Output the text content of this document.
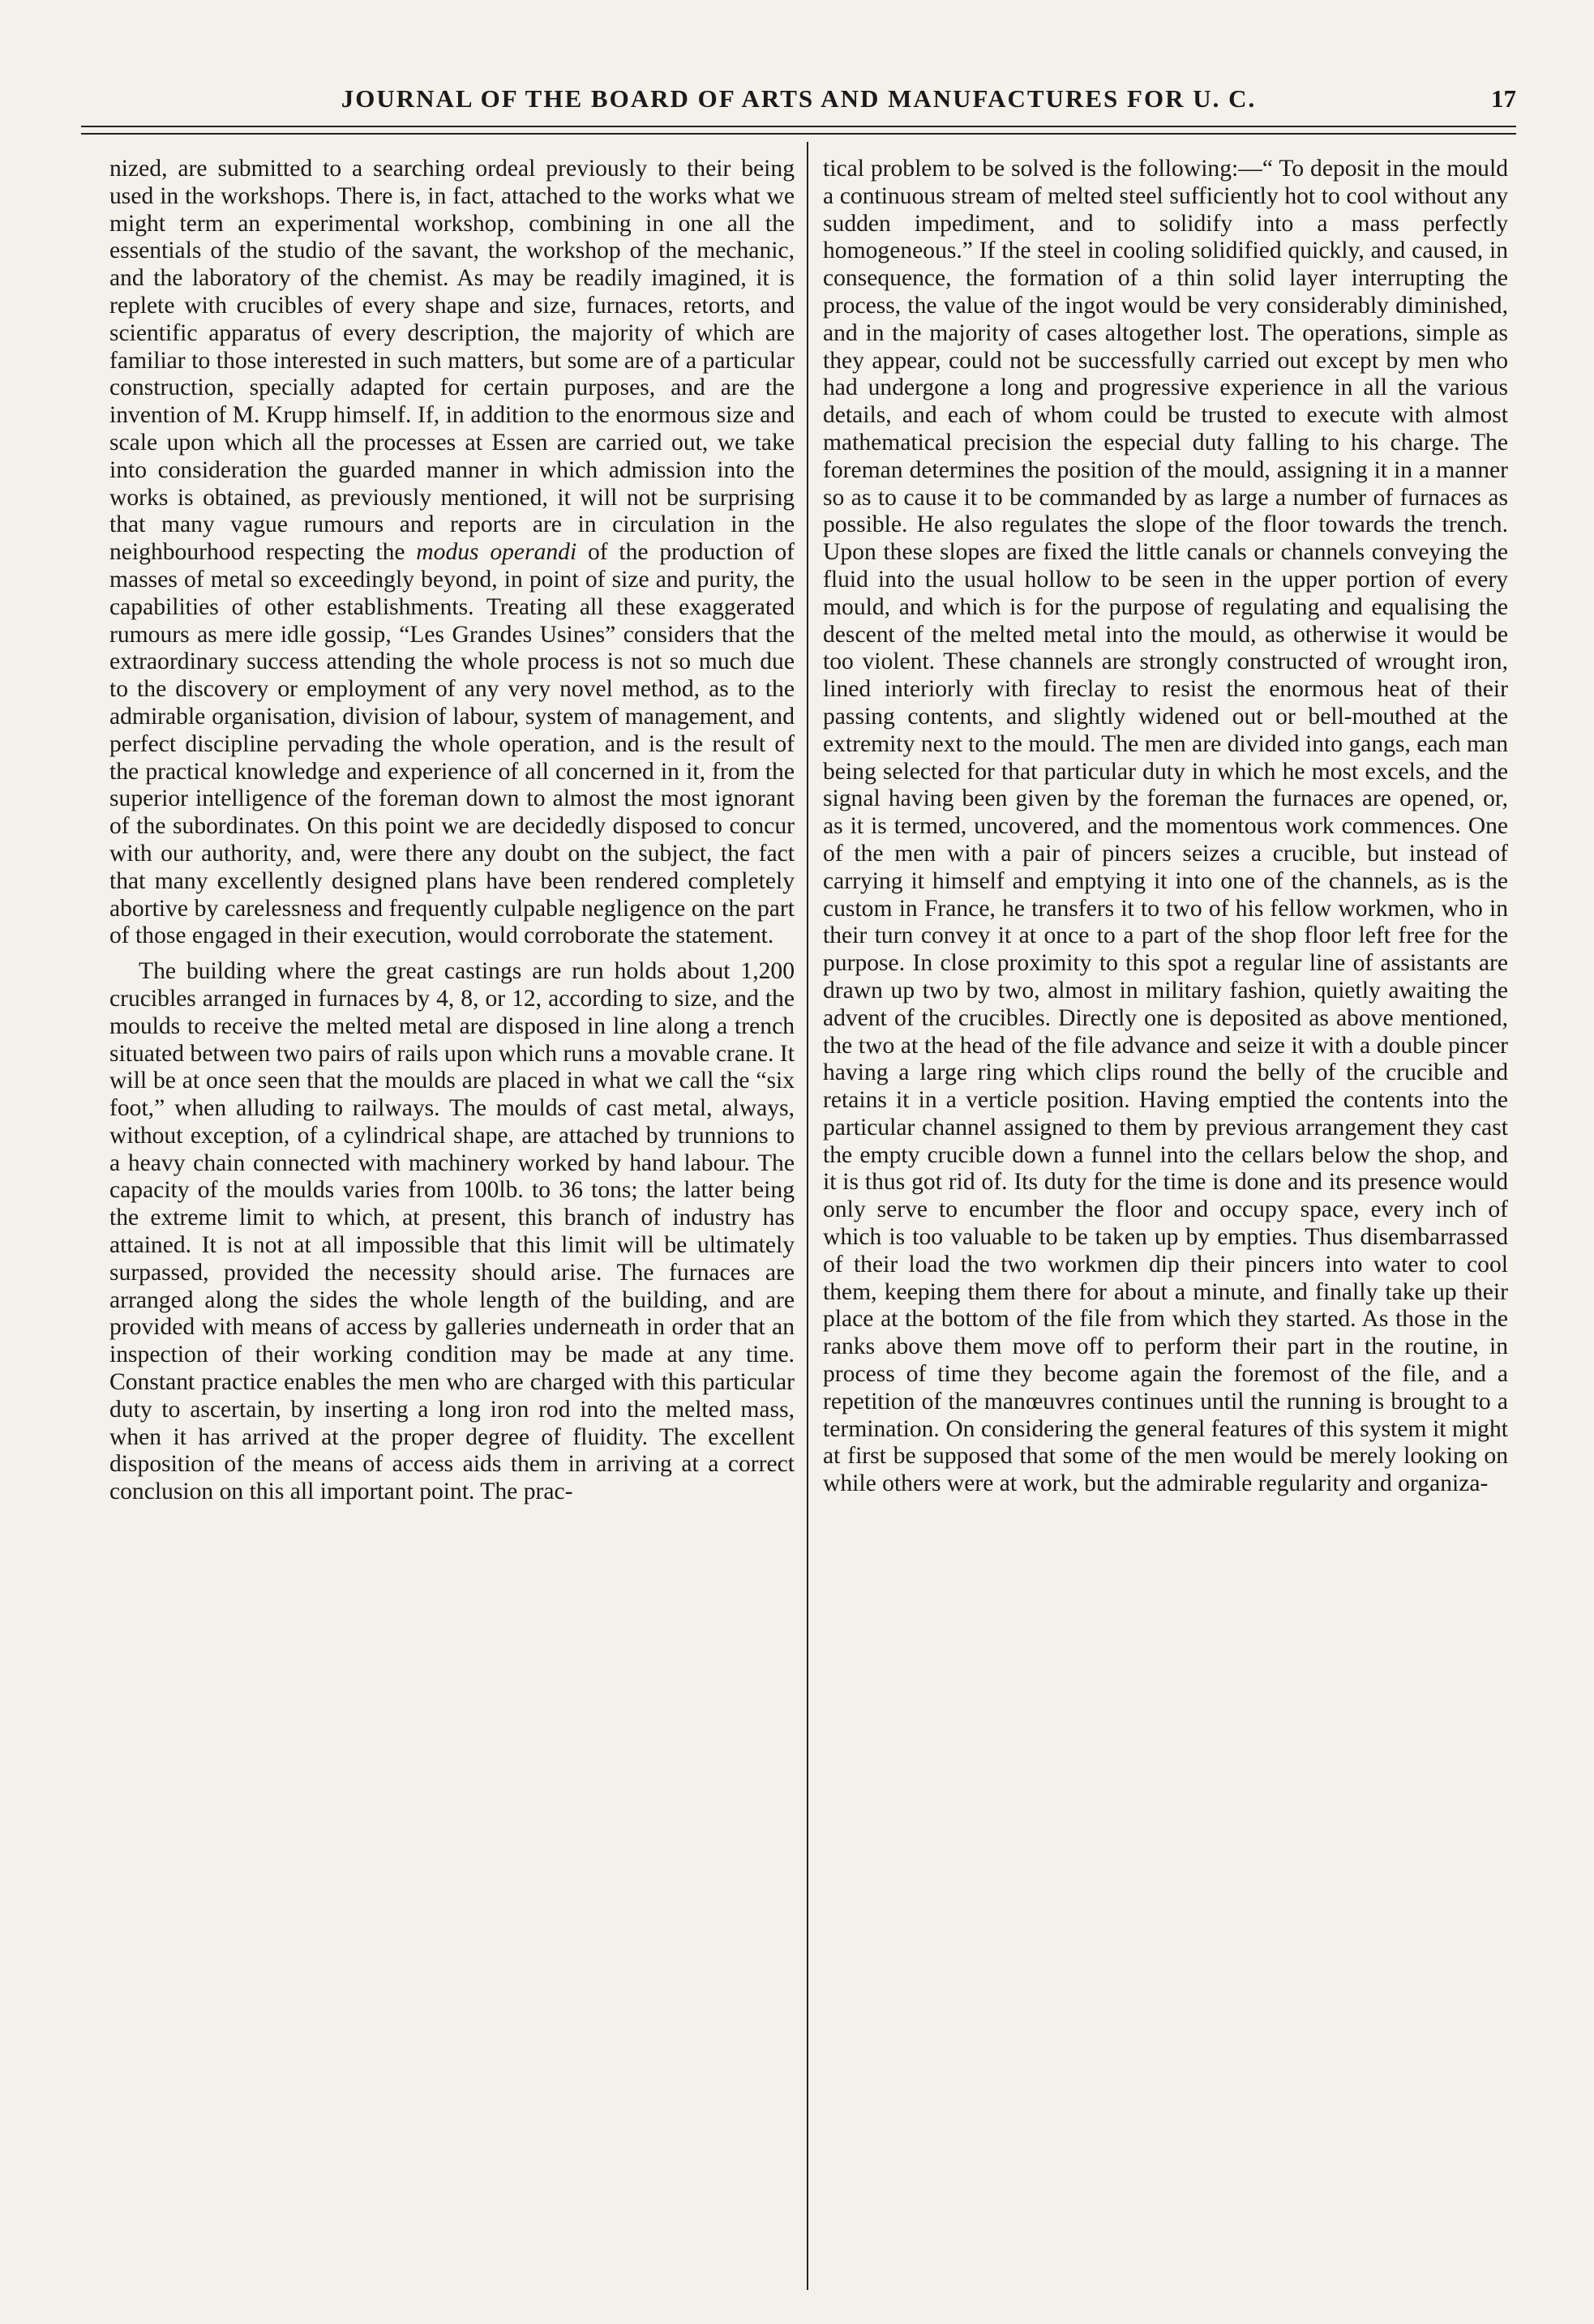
JOURNAL OF THE BOARD OF ARTS AND MANUFACTURES FOR U. C.	17

nized, are submitted to a searching ordeal previously to their being used in the workshops. There is, in fact, attached to the works what we might term an experimental workshop, combining in one all the essentials of the studio of the savant, the workshop of the mechanic, and the laboratory of the chemist. As may be readily imagined, it is replete with crucibles of every shape and size, furnaces, retorts, and scientific apparatus of every description, the majority of which are familiar to those interested in such matters, but some are of a particular construction, specially adapted for certain purposes, and are the invention of M. Krupp himself. If, in addition to the enormous size and scale upon which all the processes at Essen are carried out, we take into consideration the guarded manner in which admission into the works is obtained, as previously mentioned, it will not be surprising that many vague rumours and reports are in circulation in the neighbourhood respecting the modus operandi of the production of masses of metal so exceedingly beyond, in point of size and purity, the capabilities of other establishments. Treating all these exaggerated rumours as mere idle gossip, “Les Grandes Usines” considers that the extraordinary success attending the whole process is not so much due to the discovery or employment of any very novel method, as to the admirable organisation, division of labour, system of management, and perfect discipline pervading the whole operation, and is the result of the practical knowledge and experience of all concerned in it, from the superior intelligence of the foreman down to almost the most ignorant of the subordinates. On this point we are decidedly disposed to concur with our authority, and, were there any doubt on the subject, the fact that many excellently designed plans have been rendered completely abortive by carelessness and frequently culpable negligence on the part of those engaged in their execution, would corroborate the statement.

The building where the great castings are run holds about 1,200 crucibles arranged in furnaces by 4, 8, or 12, according to size, and the moulds to receive the melted metal are disposed in line along a trench situated between two pairs of rails upon which runs a movable crane. It will be at once seen that the moulds are placed in what we call the “six foot,” when alluding to railways. The moulds of cast metal, always, without exception, of a cylindrical shape, are attached by trunnions to a heavy chain connected with machinery worked by hand labour. The capacity of the moulds varies from 100lb. to 36 tons; the latter being the extreme limit to which, at present, this branch of industry has attained. It is not at all impossible that this limit will be ultimately surpassed, provided the necessity should arise. The furnaces are arranged along the sides the whole length of the building, and are provided with means of access by galleries underneath in order that an inspection of their working condition may be made at any time. Constant practice enables the men who are charged with this particular duty to ascertain, by inserting a long iron rod into the melted mass, when it has arrived at the proper degree of fluidity. The excellent disposition of the means of access aids them in arriving at a correct conclusion on this all important point. The prac-

tical problem to be solved is the following:—“ To deposit in the mould a continuous stream of melted steel sufficiently hot to cool without any sudden impediment, and to solidify into a mass perfectly homogeneous.” If the steel in cooling solidified quickly, and caused, in consequence, the formation of a thin solid layer interrupting the process, the value of the ingot would be very considerably diminished, and in the majority of cases altogether lost. The operations, simple as they appear, could not be successfully carried out except by men who had undergone a long and progressive experience in all the various details, and each of whom could be trusted to execute with almost mathematical precision the especial duty falling to his charge. The foreman determines the position of the mould, assigning it in a manner so as to cause it to be commanded by as large a number of furnaces as possible. He also regulates the slope of the floor towards the trench. Upon these slopes are fixed the little canals or channels conveying the fluid into the usual hollow to be seen in the upper portion of every mould, and which is for the purpose of regulating and equalising the descent of the melted metal into the mould, as otherwise it would be too violent. These channels are strongly constructed of wrought iron, lined interiorly with fireclay to resist the enormous heat of their passing contents, and slightly widened out or bell-mouthed at the extremity next to the mould. The men are divided into gangs, each man being selected for that particular duty in which he most excels, and the signal having been given by the foreman the furnaces are opened, or, as it is termed, uncovered, and the momentous work commences. One of the men with a pair of pincers seizes a crucible, but instead of carrying it himself and emptying it into one of the channels, as is the custom in France, he transfers it to two of his fellow workmen, who in their turn convey it at once to a part of the shop floor left free for the purpose. In close proximity to this spot a regular line of assistants are drawn up two by two, almost in military fashion, quietly awaiting the advent of the crucibles. Directly one is deposited as above mentioned, the two at the head of the file advance and seize it with a double pincer having a large ring which clips round the belly of the crucible and retains it in a verticle position. Having emptied the contents into the particular channel assigned to them by previous arrangement they cast the empty crucible down a funnel into the cellars below the shop, and it is thus got rid of. Its duty for the time is done and its presence would only serve to encumber the floor and occupy space, every inch of which is too valuable to be taken up by empties. Thus disembarrassed of their load the two workmen dip their pincers into water to cool them, keeping them there for about a minute, and finally take up their place at the bottom of the file from which they started. As those in the ranks above them move off to perform their part in the routine, in process of time they become again the foremost of the file, and a repetition of the manœuvres continues until the running is brought to a termination. On considering the general features of this system it might at first be supposed that some of the men would be merely looking on while others were at work, but the admirable regularity and organiza-
